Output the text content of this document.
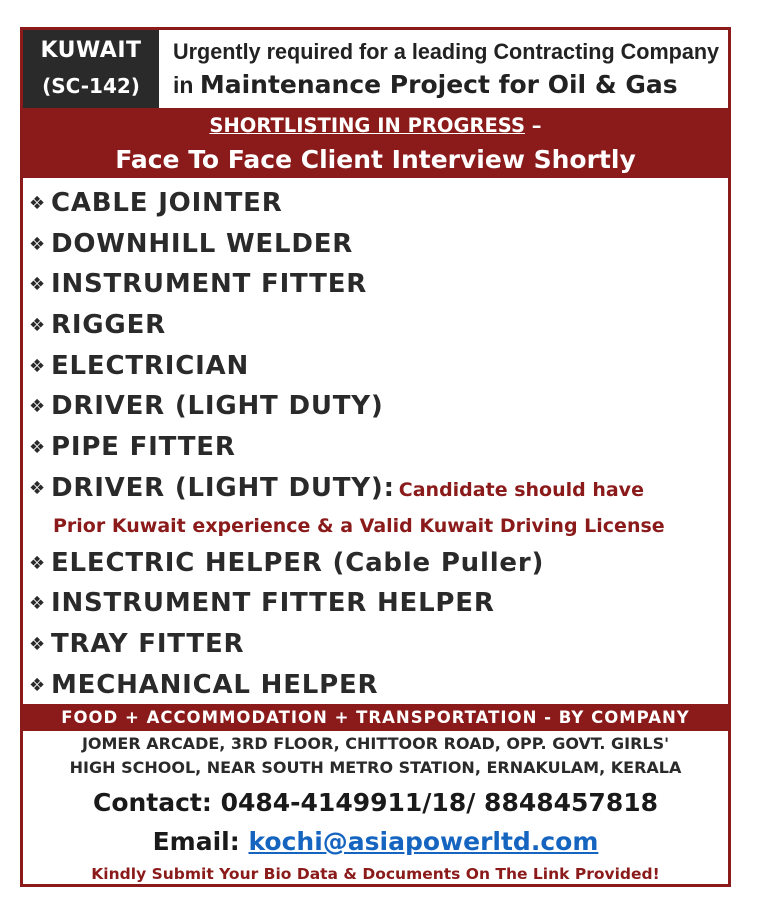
KUWAIT
(SC-142)
Urgently required for a leading Contracting Company
in Maintenance Project for Oil & Gas
SHORTLISTING IN PROGRESS –
Face To Face Client Interview Shortly
❖ CABLE JOINTER
❖ DOWNHILL WELDER
❖ INSTRUMENT FITTER
❖ RIGGER
❖ ELECTRICIAN
❖ DRIVER (LIGHT DUTY)
❖ PIPE FITTER
❖ DRIVER (LIGHT DUTY): Candidate should have
Prior Kuwait experience & a Valid Kuwait Driving License
❖ ELECTRIC HELPER (Cable Puller)
❖ INSTRUMENT FITTER HELPER
❖ TRAY FITTER
❖ MECHANICAL HELPER
FOOD + ACCOMMODATION + TRANSPORTATION - BY COMPANY
JOMER ARCADE, 3RD FLOOR, CHITTOOR ROAD, OPP. GOVT. GIRLS'
HIGH SCHOOL, NEAR SOUTH METRO STATION, ERNAKULAM, KERALA
Contact: 0484-4149911/18/ 8848457818
Email: kochi@asiapowerltd.com
Kindly Submit Your Bio Data & Documents On The Link Provided!
